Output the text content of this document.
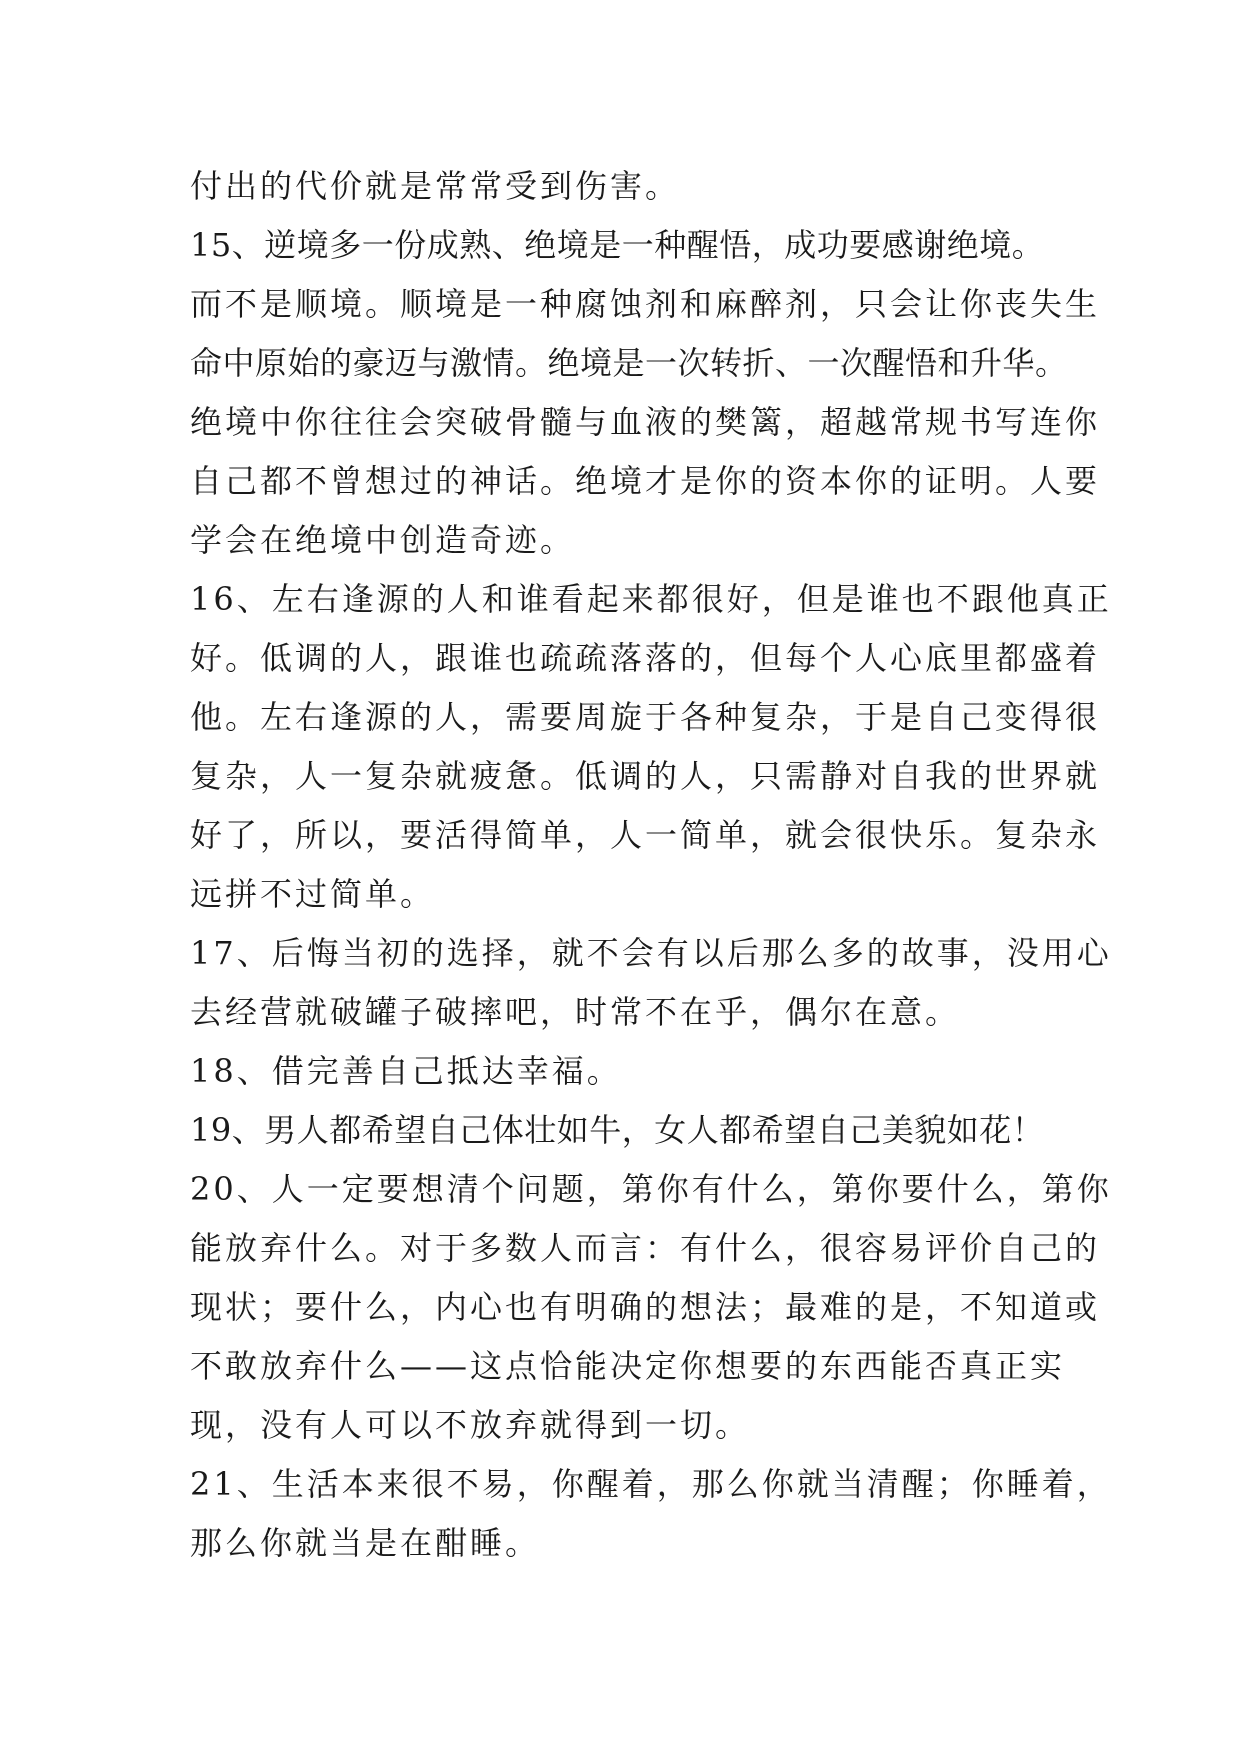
付出的代价就是常常受到伤害。
15、逆境多一份成熟、绝境是一种醒悟，成功要感谢绝境。
而不是顺境。顺境是一种腐蚀剂和麻醉剂，只会让你丧失生
命中原始的豪迈与激情。绝境是一次转折、一次醒悟和升华。
绝境中你往往会突破骨髓与血液的樊篱，超越常规书写连你
自己都不曾想过的神话。绝境才是你的资本你的证明。人要
学会在绝境中创造奇迹。
16、左右逢源的人和谁看起来都很好，但是谁也不跟他真正
好。低调的人，跟谁也疏疏落落的，但每个人心底里都盛着
他。左右逢源的人，需要周旋于各种复杂，于是自己变得很
复杂，人一复杂就疲惫。低调的人，只需静对自我的世界就
好了，所以，要活得简单，人一简单，就会很快乐。复杂永
远拼不过简单。
17、后悔当初的选择，就不会有以后那么多的故事，没用心
去经营就破罐子破摔吧，时常不在乎，偶尔在意。
18、借完善自己抵达幸福。
19、男人都希望自己体壮如牛，女人都希望自己美貌如花！
20、人一定要想清个问题，第你有什么，第你要什么，第你
能放弃什么。对于多数人而言：有什么，很容易评价自己的
现状；要什么，内心也有明确的想法；最难的是，不知道或
不敢放弃什么——这点恰能决定你想要的东西能否真正实
现，没有人可以不放弃就得到一切。
21、生活本来很不易，你醒着，那么你就当清醒；你睡着，
那么你就当是在酣睡。
